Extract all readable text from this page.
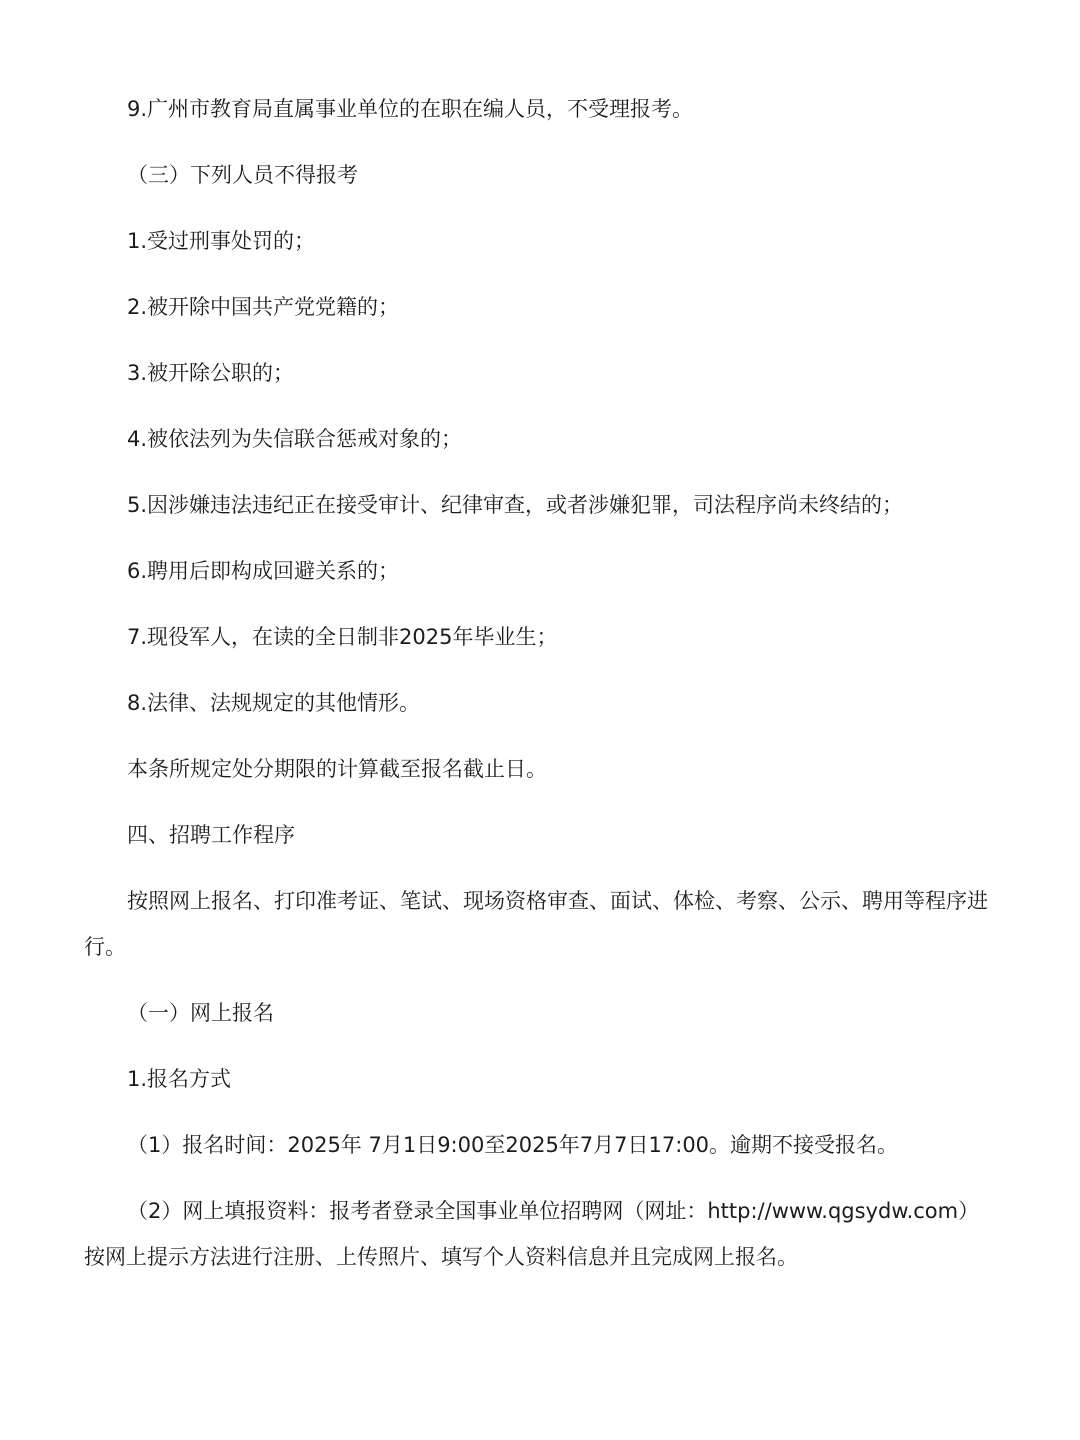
9.广州市教育局直属事业单位的在职在编人员，不受理报考。

（三）下列人员不得报考

1.受过刑事处罚的；

2.被开除中国共产党党籍的；

3.被开除公职的；

4.被依法列为失信联合惩戒对象的；

5.因涉嫌违法违纪正在接受审计、纪律审查，或者涉嫌犯罪，司法程序尚未终结的；

6.聘用后即构成回避关系的；

7.现役军人，在读的全日制非2025年毕业生；

8.法律、法规规定的其他情形。

本条所规定处分期限的计算截至报名截止日。

四、招聘工作程序

按照网上报名、打印准考证、笔试、现场资格审查、面试、体检、考察、公示、聘用等程序进行。

（一）网上报名

1.报名方式

（1）报名时间：2025年 7月1日9:00至2025年7月7日17:00。逾期不接受报名。

（2）网上填报资料：报考者登录全国事业单位招聘网（网址：http://www.qgsydw.com）按网上提示方法进行注册、上传照片、填写个人资料信息并且完成网上报名。
